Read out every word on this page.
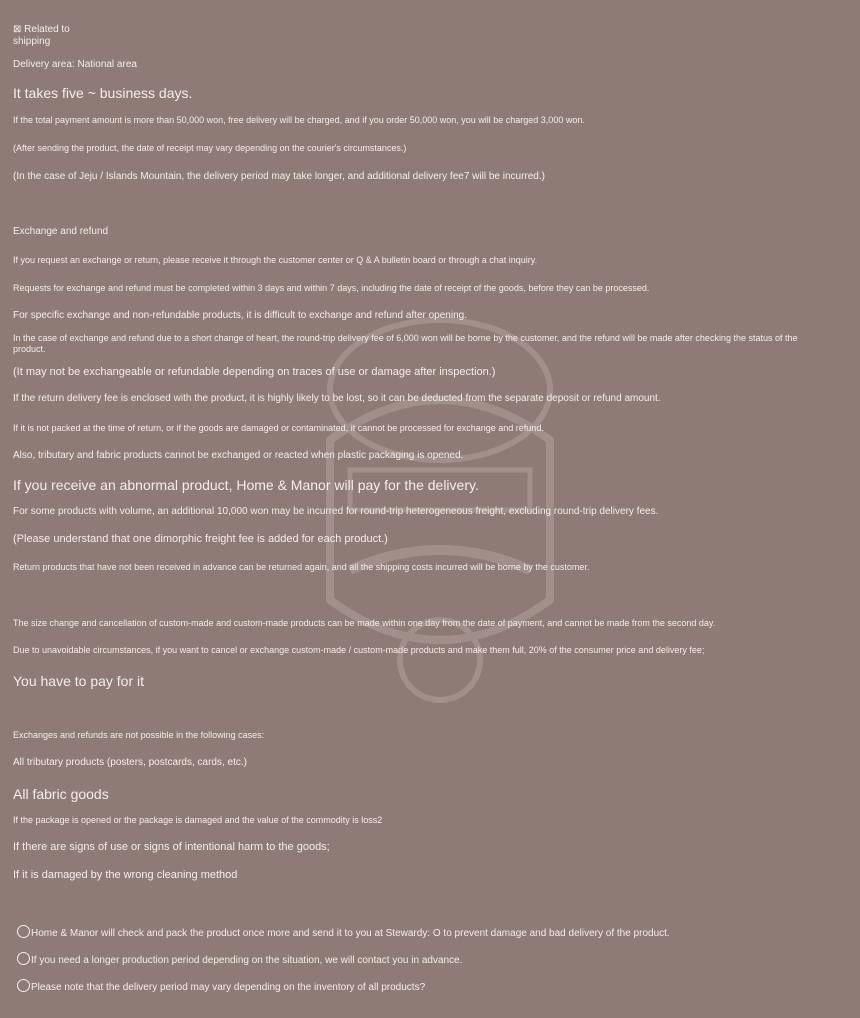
⊠ Related to
shipping
Delivery area: National area
It takes five ~ business days.
If the total payment amount is more than 50,000 won, free delivery will be charged, and if you order 50,000 won, you will be charged 3,000 won.
(After sending the product, the date of receipt may vary depending on the courier's circumstances.)
(In the case of Jeju / Islands Mountain, the delivery period may take longer, and additional delivery fee7 will be incurred.)
Exchange and refund
If you request an exchange or return, please receive it through the customer center or Q & A bulletin board or through a chat inquiry.
Requests for exchange and refund must be completed within 3 days and within 7 days, including the date of receipt of the goods, before they can be processed.
For specific exchange and non-refundable products, it is difficult to exchange and refund after opening.
In the case of exchange and refund due to a short change of heart, the round-trip delivery fee of 6,000 won will be borne by the customer, and the refund will be made after checking the status of the product.
(It may not be exchangeable or refundable depending on traces of use or damage after inspection.)
If the return delivery fee is enclosed with the product, it is highly likely to be lost, so it can be deducted from the separate deposit or refund amount.
If it is not packed at the time of return, or if the goods are damaged or contaminated, it cannot be processed for exchange and refund.
Also, tributary and fabric products cannot be exchanged or reacted when plastic packaging is opened.
If you receive an abnormal product, Home & Manor will pay for the delivery.
For some products with volume, an additional 10,000 won may be incurred for round-trip heterogeneous freight, excluding round-trip delivery fees.
(Please understand that one dimorphic freight fee is added for each product.)
Return products that have not been received in advance can be returned again, and all the shipping costs incurred will be borne by the customer.
The size change and cancellation of custom-made and custom-made products can be made within one day from the date of payment, and cannot be made from the second day.
Due to unavoidable circumstances, if you want to cancel or exchange custom-made / custom-made products and make them full, 20% of the consumer price and delivery fee;
You have to pay for it
Exchanges and refunds are not possible in the following cases:
All tributary products (posters, postcards, cards, etc.)
All fabric goods
If the package is opened or the package is damaged and the value of the commodity is loss2
If there are signs of use or signs of intentional harm to the goods;
If it is damaged by the wrong cleaning method
Home & Manor will check and pack the product once more and send it to you at Stewardy: O to prevent damage and bad delivery of the product.
If you need a longer production period depending on the situation, we will contact you in advance.
Please note that the delivery period may vary depending on the inventory of all products?
